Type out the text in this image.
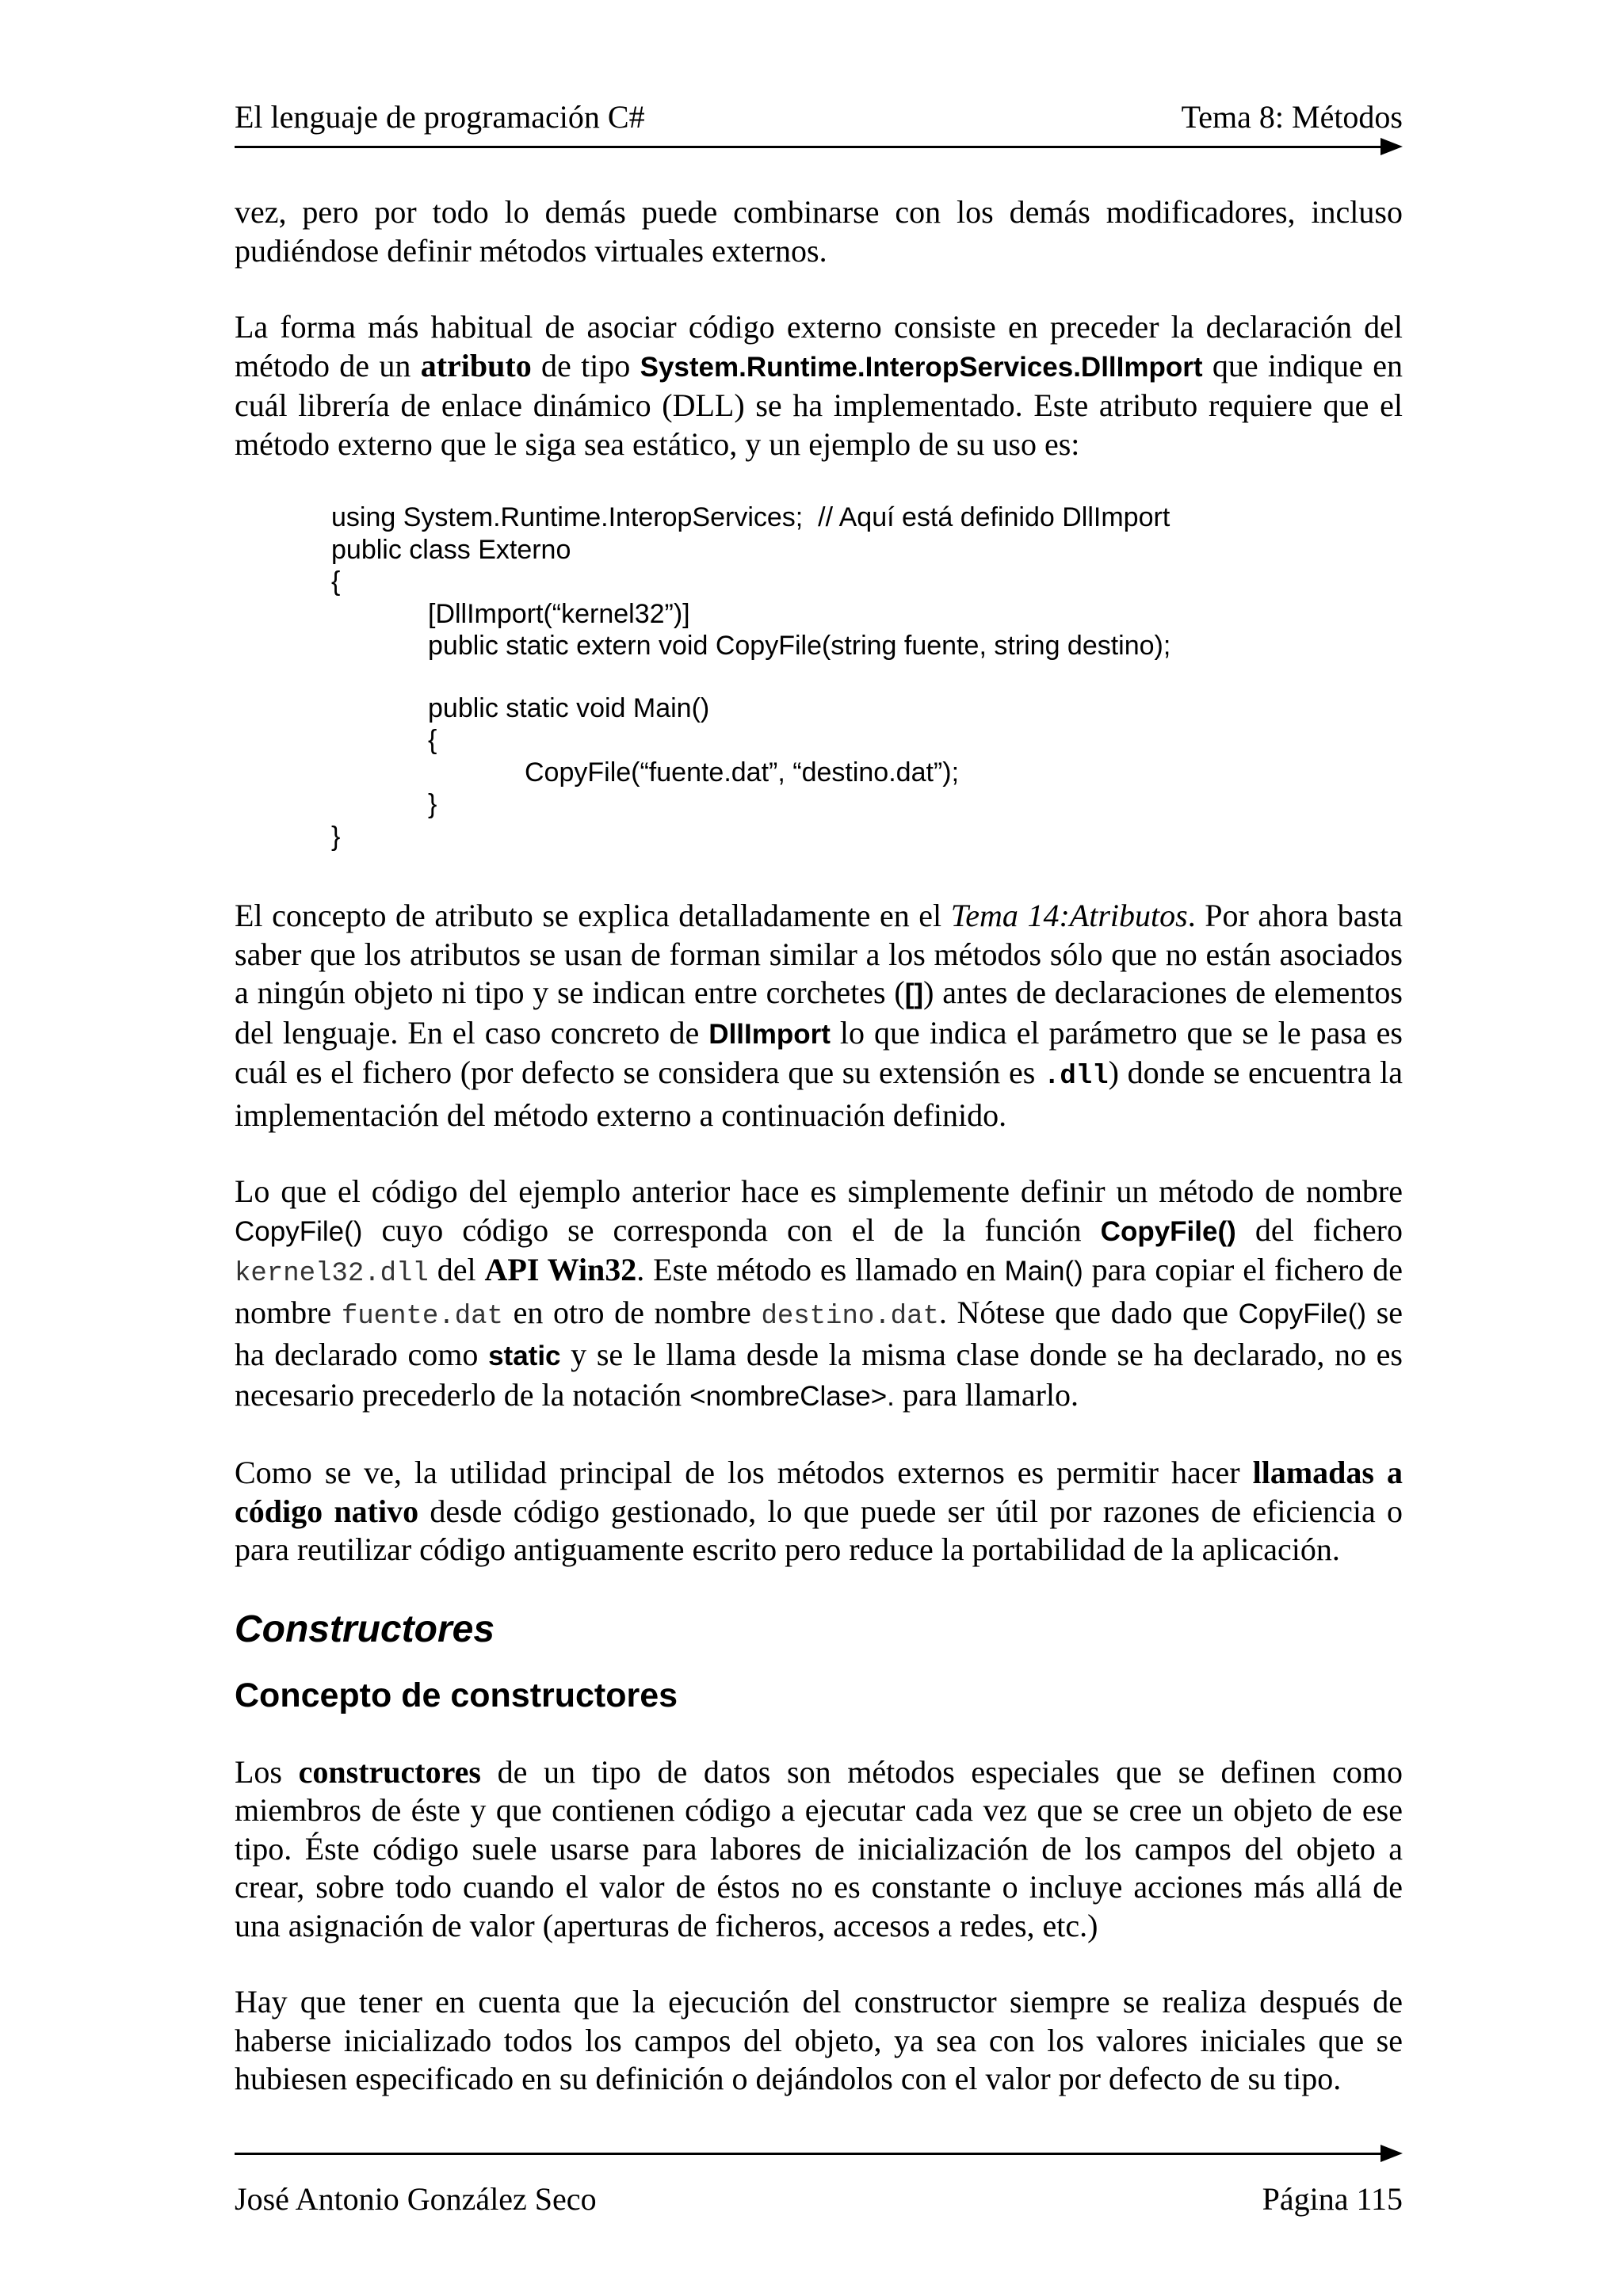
El lenguaje de programación C#	Tema 8: Métodos

vez, pero por todo lo demás puede combinarse con los demás modificadores, incluso pudiéndose definir métodos virtuales externos.

La forma más habitual de asociar código externo consiste en preceder la declaración del método de un atributo de tipo System.Runtime.InteropServices.DllImport que indique en cuál librería de enlace dinámico (DLL) se ha implementado. Este atributo requiere que el método externo que le siga sea estático, y un ejemplo de su uso es:

using System.Runtime.InteropServices;  // Aquí está definido DllImport
public class Externo
{
[DllImport(“kernel32”)]
public static extern void CopyFile(string fuente, string destino);
public static void Main()
{
CopyFile(“fuente.dat”, “destino.dat”);
}
}

El concepto de atributo se explica detalladamente en el Tema 14:Atributos. Por ahora basta saber que los atributos se usan de forman similar a los métodos sólo que no están asociados a ningún objeto ni tipo y se indican entre corchetes ([]) antes de declaraciones de elementos del lenguaje. En el caso concreto de DllImport lo que indica el parámetro que se le pasa es cuál es el fichero (por defecto se considera que su extensión es .dll) donde se encuentra la implementación del método externo a continuación definido.

Lo que el código del ejemplo anterior hace es simplemente definir un método de nombre CopyFile() cuyo código se corresponda con el de la función CopyFile() del fichero kernel32.dll del API Win32. Este método es llamado en Main() para copiar el fichero de nombre fuente.dat en otro de nombre destino.dat. Nótese que dado que CopyFile() se ha declarado como static y se le llama desde la misma clase donde se ha declarado, no es necesario precederlo de la notación <nombreClase>. para llamarlo.

Como se ve, la utilidad principal de los métodos externos es permitir hacer llamadas a código nativo desde código gestionado, lo que puede ser útil por razones de eficiencia o para reutilizar código antiguamente escrito pero reduce la portabilidad de la aplicación.

Constructores
Concepto de constructores

Los constructores de un tipo de datos son métodos especiales que se definen como miembros de éste y que contienen código a ejecutar cada vez que se cree un objeto de ese tipo. Éste código suele usarse para labores de inicialización de los campos del objeto a crear, sobre todo cuando el valor de éstos no es constante o incluye acciones más allá de una asignación de valor (aperturas de ficheros, accesos a redes, etc.)

Hay que tener en cuenta que la ejecución del constructor siempre se realiza después de haberse inicializado todos los campos del objeto, ya sea con los valores iniciales que se hubiesen especificado en su definición o dejándolos con el valor por defecto de su tipo.

José Antonio González Seco	Página 115
